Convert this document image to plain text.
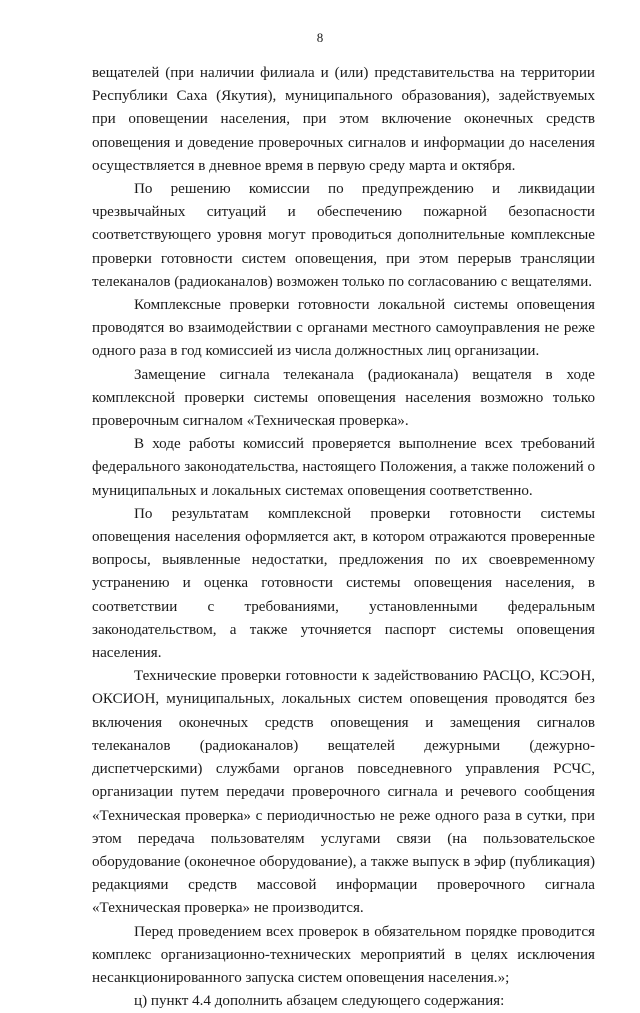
8

вещателей (при наличии филиала и (или) представительства на территории Республики Саха (Якутия), муниципального образования), задействуемых при оповещении населения, при этом включение оконечных средств оповещения и доведение проверочных сигналов и информации до населения осуществляется в дневное время в первую среду марта и октября.

По решению комиссии по предупреждению и ликвидации чрезвычайных ситуаций и обеспечению пожарной безопасности соответствующего уровня могут проводиться дополнительные комплексные проверки готовности систем оповещения, при этом перерыв трансляции телеканалов (радиоканалов) возможен только по согласованию с вещателями.

Комплексные проверки готовности локальной системы оповещения проводятся во взаимодействии с органами местного самоуправления не реже одного раза в год комиссией из числа должностных лиц организации.

Замещение сигнала телеканала (радиоканала) вещателя в ходе комплексной проверки системы оповещения населения возможно только проверочным сигналом «Техническая проверка».

В ходе работы комиссий проверяется выполнение всех требований федерального законодательства, настоящего Положения, а также положений о муниципальных и локальных системах оповещения соответственно.

По результатам комплексной проверки готовности системы оповещения населения оформляется акт, в котором отражаются проверенные вопросы, выявленные недостатки, предложения по их своевременному устранению и оценка готовности системы оповещения населения, в соответствии с требованиями, установленными федеральным законодательством, а также уточняется паспорт системы оповещения населения.

Технические проверки готовности к задействованию РАСЦО, КСЭОН, ОКСИОН, муниципальных, локальных систем оповещения проводятся без включения оконечных средств оповещения и замещения сигналов телеканалов (радиоканалов) вещателей дежурными (дежурно-диспетчерскими) службами органов повседневного управления РСЧС, организации путем передачи проверочного сигнала и речевого сообщения «Техническая проверка» с периодичностью не реже одного раза в сутки, при этом передача пользователям услугами связи (на пользовательское оборудование (оконечное оборудование), а также выпуск в эфир (публикация) редакциями средств массовой информации проверочного сигнала «Техническая проверка» не производится.

Перед проведением всех проверок в обязательном порядке проводится комплекс организационно-технических мероприятий в целях исключения несанкционированного запуска систем оповещения населения.»;

ц) пункт 4.4 дополнить абзацем следующего содержания:
